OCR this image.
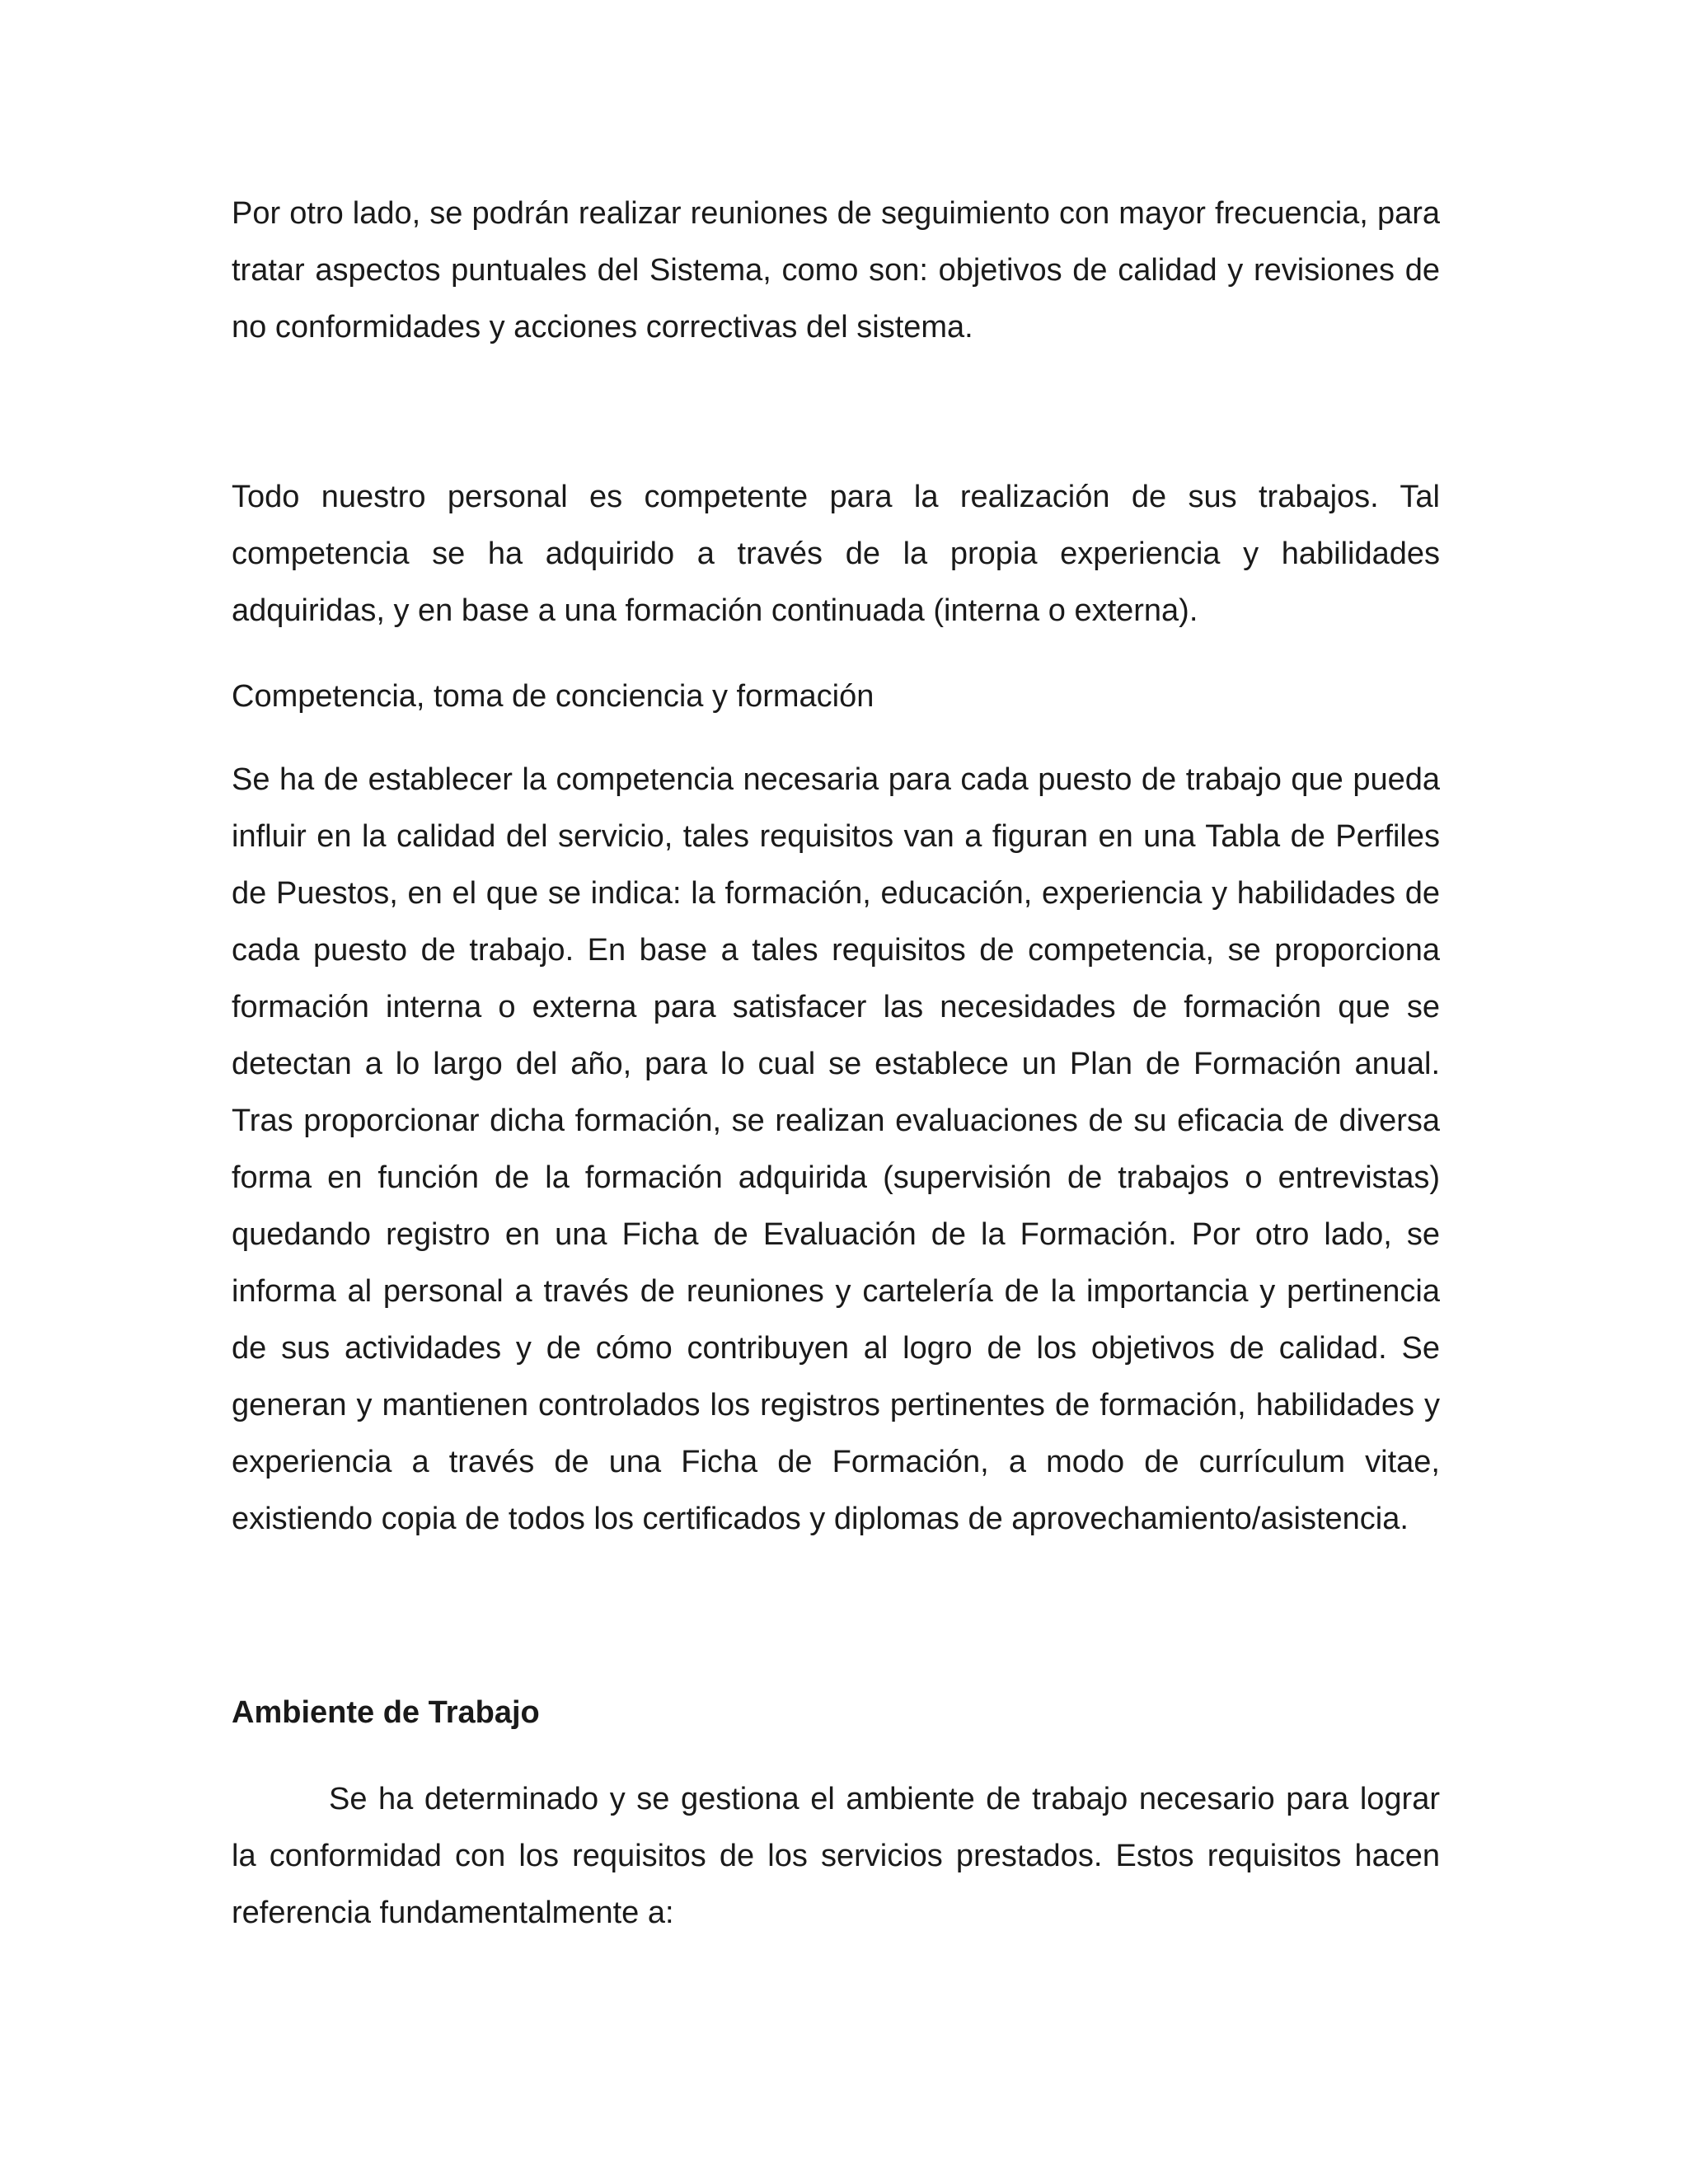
Por otro lado, se podrán realizar reuniones de seguimiento con mayor frecuencia, para tratar aspectos puntuales del Sistema, como son: objetivos de calidad y revisiones de no conformidades y acciones correctivas del sistema.

Todo nuestro personal es competente para la realización de sus trabajos. Tal competencia se ha adquirido a través de la propia experiencia y habilidades adquiridas, y en base a una formación continuada (interna o externa).

Competencia, toma de conciencia y formación

Se ha de establecer la competencia necesaria para cada puesto de trabajo que pueda influir en la calidad del servicio, tales requisitos van a figuran en una Tabla de Perfiles de Puestos, en el que se indica: la formación, educación, experiencia y habilidades de cada puesto de trabajo. En base a tales requisitos de competencia, se proporciona formación interna o externa para satisfacer las necesidades de formación que se detectan a lo largo del año, para lo cual se establece un Plan de Formación anual. Tras proporcionar dicha formación, se realizan evaluaciones de su eficacia de diversa forma en función de la formación adquirida (supervisión de trabajos o entrevistas) quedando registro en una Ficha de Evaluación de la Formación. Por otro lado, se informa al personal a través de reuniones y cartelería de la importancia y pertinencia de sus actividades y de cómo contribuyen al logro de los objetivos de calidad. Se generan y mantienen controlados los registros pertinentes de formación, habilidades y experiencia a través de una Ficha de Formación, a modo de currículum vitae, existiendo copia de todos los certificados y diplomas de aprovechamiento/asistencia.

Ambiente de Trabajo

Se ha determinado y se gestiona el ambiente de trabajo necesario para lograr la conformidad con los requisitos de los servicios prestados. Estos requisitos hacen referencia fundamentalmente a:
